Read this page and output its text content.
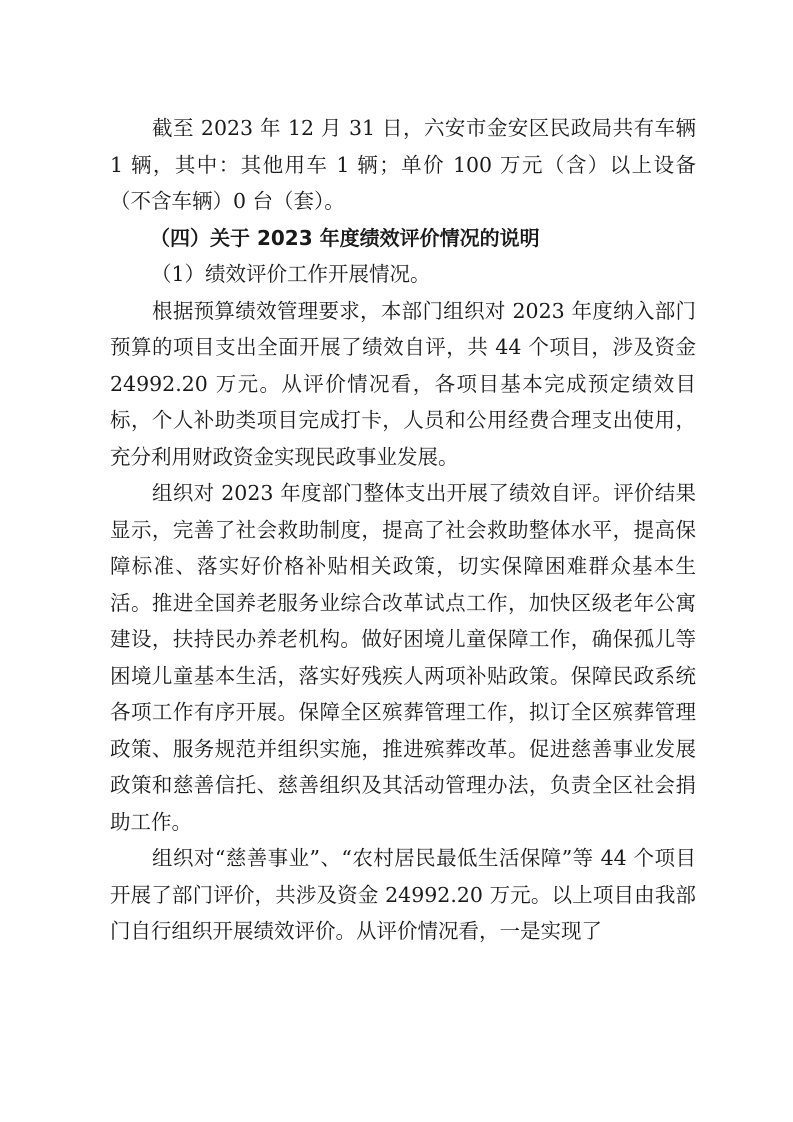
截至 2023 年 12 月 31 日，六安市金安区民政局共有车辆 1 辆，其中：其他用车 1 辆；单价 100 万元（含）以上设备（不含车辆）0 台（套）。

（四）关于 2023 年度绩效评价情况的说明

（1）绩效评价工作开展情况。

根据预算绩效管理要求，本部门组织对 2023 年度纳入部门预算的项目支出全面开展了绩效自评，共 44 个项目，涉及资金 24992.20 万元。从评价情况看，各项目基本完成预定绩效目标，个人补助类项目完成打卡，人员和公用经费合理支出使用，充分利用财政资金实现民政事业发展。

组织对 2023 年度部门整体支出开展了绩效自评。评价结果显示，完善了社会救助制度，提高了社会救助整体水平，提高保障标准、落实好价格补贴相关政策，切实保障困难群众基本生活。推进全国养老服务业综合改革试点工作，加快区级老年公寓建设，扶持民办养老机构。做好困境儿童保障工作，确保孤儿等困境儿童基本生活，落实好残疾人两项补贴政策。保障民政系统各项工作有序开展。保障全区殡葬管理工作，拟订全区殡葬管理政策、服务规范并组织实施，推进殡葬改革。促进慈善事业发展政策和慈善信托、慈善组织及其活动管理办法，负责全区社会捐助工作。

组织对“慈善事业”、“农村居民最低生活保障”等 44 个项目开展了部门评价，共涉及资金 24992.20 万元。以上项目由我部门自行组织开展绩效评价。从评价情况看，一是实现了
